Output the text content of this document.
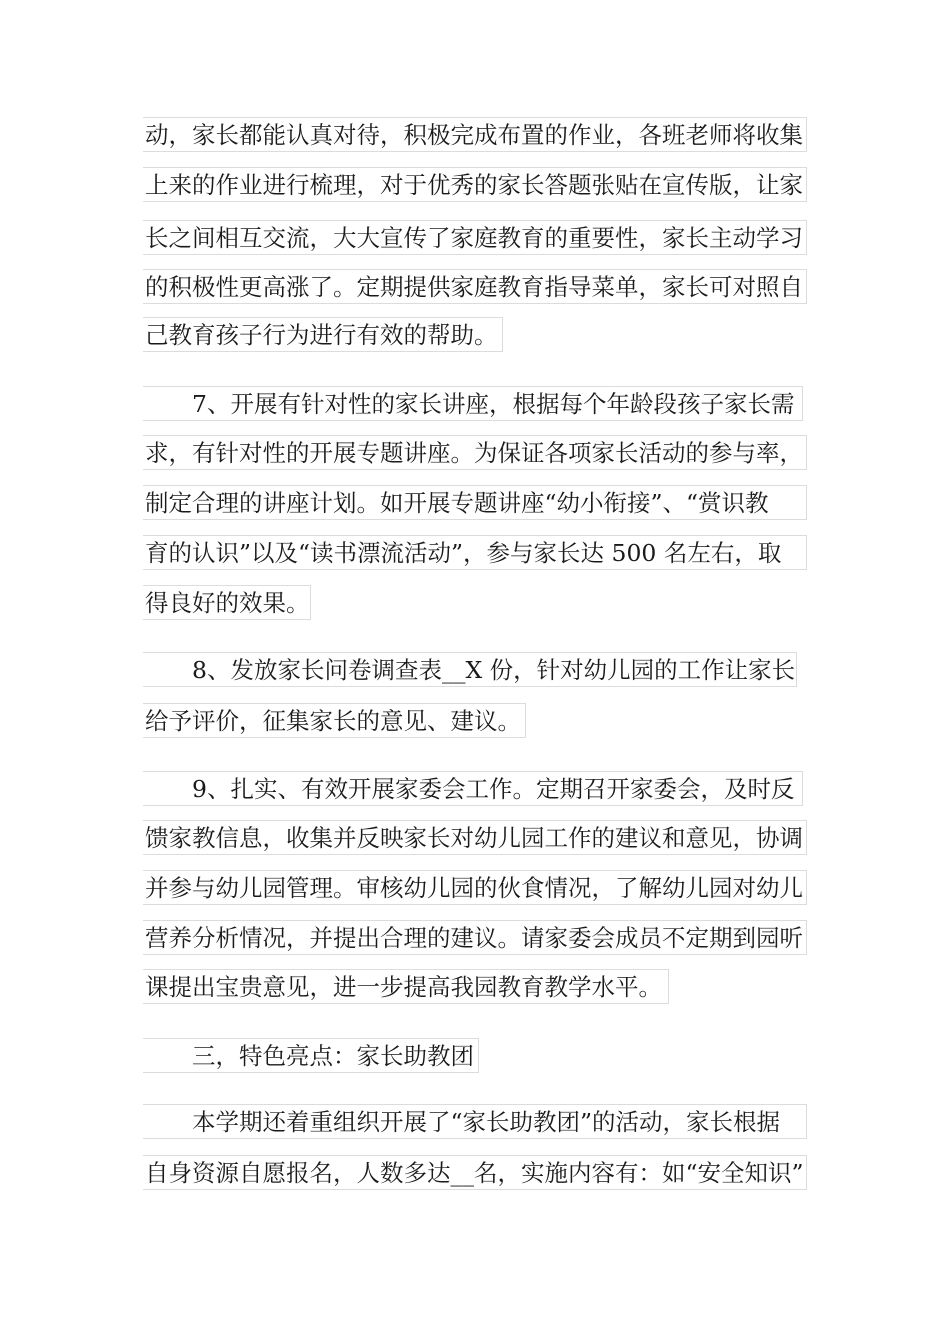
动，家长都能认真对待，积极完成布置的作业，各班老师将收集
上来的作业进行梳理，对于优秀的家长答题张贴在宣传版，让家
长之间相互交流，大大宣传了家庭教育的重要性，家长主动学习
的积极性更高涨了。定期提供家庭教育指导菜单，家长可对照自
己教育孩子行为进行有效的帮助。
7、开展有针对性的家长讲座，根据每个年龄段孩子家长需
求，有针对性的开展专题讲座。为保证各项家长活动的参与率，
制定合理的讲座计划。如开展专题讲座“幼小衔接”、“赏识教
育的认识”以及“读书漂流活动”，参与家长达 500 名左右，取
得良好的效果。
8、发放家长问卷调查表__X 份，针对幼儿园的工作让家长
给予评价，征集家长的意见、建议。
9、扎实、有效开展家委会工作。定期召开家委会，及时反
馈家教信息，收集并反映家长对幼儿园工作的建议和意见，协调
并参与幼儿园管理。审核幼儿园的伙食情况，了解幼儿园对幼儿
营养分析情况，并提出合理的建议。请家委会成员不定期到园听
课提出宝贵意见，进一步提高我园教育教学水平。
三，特色亮点：家长助教团
本学期还着重组织开展了“家长助教团”的活动，家长根据
自身资源自愿报名，人数多达__名，实施内容有：如“安全知识”
